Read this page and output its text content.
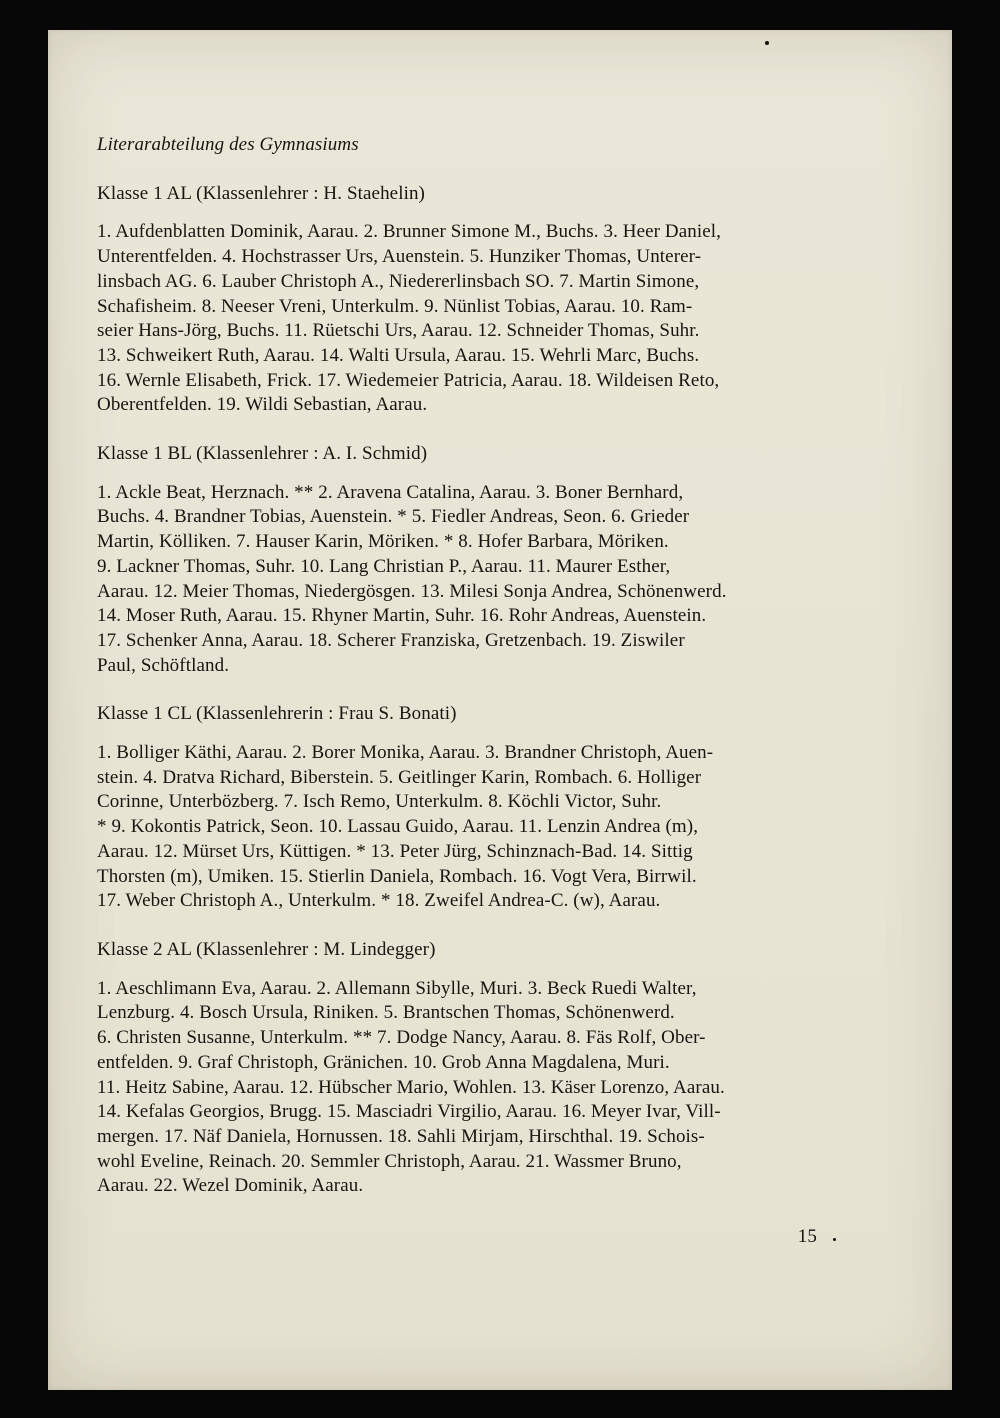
Literarabteilung des Gymnasiums
Klasse 1 AL (Klassenlehrer : H. Staehelin)
1. Aufdenblatten Dominik, Aarau. 2. Brunner Simone M., Buchs. 3. Heer Daniel,
Unterentfelden. 4. Hochstrasser Urs, Auenstein. 5. Hunziker Thomas, Unterer-
linsbach AG. 6. Lauber Christoph A., Niedererlinsbach SO. 7. Martin Simone,
Schafisheim. 8. Neeser Vreni, Unterkulm. 9. Nünlist Tobias, Aarau. 10. Ram-
seier Hans-Jörg, Buchs. 11. Rüetschi Urs, Aarau. 12. Schneider Thomas, Suhr.
13. Schweikert Ruth, Aarau. 14. Walti Ursula, Aarau. 15. Wehrli Marc, Buchs.
16. Wernle Elisabeth, Frick. 17. Wiedemeier Patricia, Aarau. 18. Wildeisen Reto,
Oberentfelden. 19. Wildi Sebastian, Aarau.
Klasse 1 BL (Klassenlehrer : A. I. Schmid)
1. Ackle Beat, Herznach. ** 2. Aravena Catalina, Aarau. 3. Boner Bernhard,
Buchs. 4. Brandner Tobias, Auenstein. * 5. Fiedler Andreas, Seon. 6. Grieder
Martin, Kölliken. 7. Hauser Karin, Möriken. * 8. Hofer Barbara, Möriken.
9. Lackner Thomas, Suhr. 10. Lang Christian P., Aarau. 11. Maurer Esther,
Aarau. 12. Meier Thomas, Niedergösgen. 13. Milesi Sonja Andrea, Schönenwerd.
14. Moser Ruth, Aarau. 15. Rhyner Martin, Suhr. 16. Rohr Andreas, Auenstein.
17. Schenker Anna, Aarau. 18. Scherer Franziska, Gretzenbach. 19. Ziswiler
Paul, Schöftland.
Klasse 1 CL (Klassenlehrerin : Frau S. Bonati)
1. Bolliger Käthi, Aarau. 2. Borer Monika, Aarau. 3. Brandner Christoph, Auen-
stein. 4. Dratva Richard, Biberstein. 5. Geitlinger Karin, Rombach. 6. Holliger
Corinne, Unterbözberg. 7. Isch Remo, Unterkulm. 8. Köchli Victor, Suhr.
* 9. Kokontis Patrick, Seon. 10. Lassau Guido, Aarau. 11. Lenzin Andrea (m),
Aarau. 12. Mürset Urs, Küttigen. * 13. Peter Jürg, Schinznach-Bad. 14. Sittig
Thorsten (m), Umiken. 15. Stierlin Daniela, Rombach. 16. Vogt Vera, Birrwil.
17. Weber Christoph A., Unterkulm. * 18. Zweifel Andrea-C. (w), Aarau.
Klasse 2 AL (Klassenlehrer : M. Lindegger)
1. Aeschlimann Eva, Aarau. 2. Allemann Sibylle, Muri. 3. Beck Ruedi Walter,
Lenzburg. 4. Bosch Ursula, Riniken. 5. Brantschen Thomas, Schönenwerd.
6. Christen Susanne, Unterkulm. ** 7. Dodge Nancy, Aarau. 8. Fäs Rolf, Ober-
entfelden. 9. Graf Christoph, Gränichen. 10. Grob Anna Magdalena, Muri.
11. Heitz Sabine, Aarau. 12. Hübscher Mario, Wohlen. 13. Käser Lorenzo, Aarau.
14. Kefalas Georgios, Brugg. 15. Masciadri Virgilio, Aarau. 16. Meyer Ivar, Vill-
mergen. 17. Näf Daniela, Hornussen. 18. Sahli Mirjam, Hirschthal. 19. Schois-
wohl Eveline, Reinach. 20. Semmler Christoph, Aarau. 21. Wassmer Bruno,
Aarau. 22. Wezel Dominik, Aarau.
15
